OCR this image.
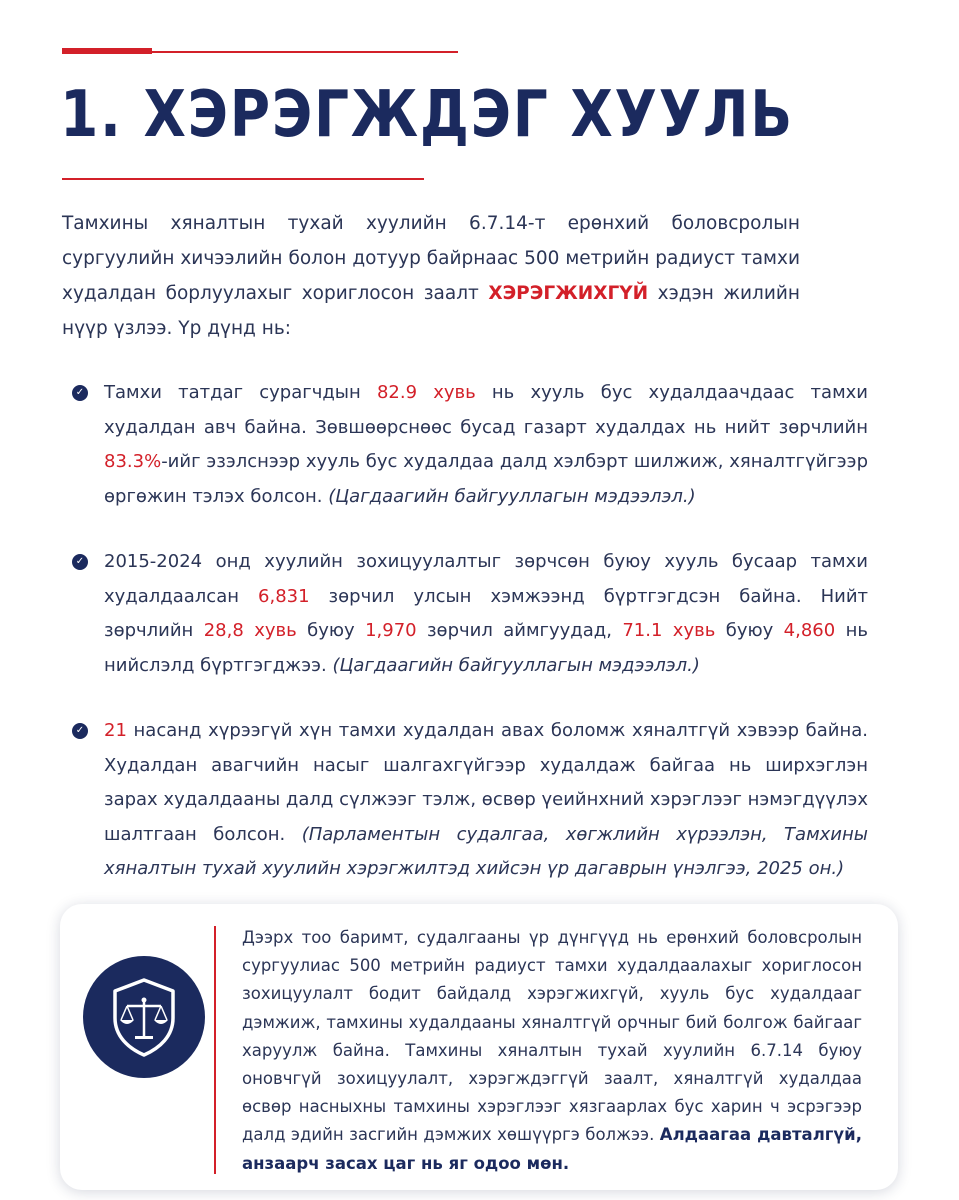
1. ХЭРЭГЖДЭГ ХУУЛЬ

Тамхины хяналтын тухай хуулийн 6.7.14-т ерөнхий боловсролын сургуулийн хичээлийн болон дотуур байрнаас 500 метрийн радиуст тамхи худалдан борлуулахыг хориглосон заалт ХЭРЭГЖИХГҮЙ хэдэн жилийн нүүр үзлээ. Үр дүнд нь:

✓ Тамхи татдаг сурагчдын 82.9 хувь нь хууль бус худалдаачдаас тамхи худалдан авч байна. Зөвшөөрснөөс бусад газарт худалдах нь нийт зөрчлийн 83.3%-ийг эзэлснээр хууль бус худалдаа далд хэлбэрт шилжиж, хяналтгүйгээр өргөжин тэлэх болсон. (Цагдаагийн байгууллагын мэдээлэл.)

✓ 2015-2024 онд хуулийн зохицуулалтыг зөрчсөн буюу хууль бусаар тамхи худалдаалсан 6,831 зөрчил улсын хэмжээнд бүртгэгдсэн байна. Нийт зөрчлийн 28,8 хувь буюу 1,970 зөрчил аймгуудад, 71.1 хувь буюу 4,860 нь нийслэлд бүртгэгджээ. (Цагдаагийн байгууллагын мэдээлэл.)

✓ 21 насанд хүрээгүй хүн тамхи худалдан авах боломж хяналтгүй хэвээр байна. Худалдан авагчийн насыг шалгахгүйгээр худалдаж байгаа нь ширхэглэн зарах худалдааны далд сүлжээг тэлж, өсвөр үеийнхний хэрэглээг нэмэгдүүлэх шалтгаан болсон. (Парламентын судалгаа, хөгжлийн хүрээлэн, Тамхины хяналтын тухай хуулийн хэрэгжилтэд хийсэн үр дагаврын үнэлгээ, 2025 он.)

Дээрх тоо баримт, судалгааны үр дүнгүүд нь ерөнхий боловсролын сургуулиас 500 метрийн радиуст тамхи худалдаалахыг хориглосон зохицуулалт бодит байдалд хэрэгжихгүй, хууль бус худалдааг дэмжиж, тамхины худалдааны хяналтгүй орчныг бий болгож байгааг харуулж байна. Тамхины хяналтын тухай хуулийн 6.7.14 буюу оновчгүй зохицуулалт, хэрэгждэггүй заалт, хяналтгүй худалдаа өсвөр насныхны тамхины хэрэглээг хязгаарлах бус харин ч эсрэгээр далд эдийн засгийн дэмжих хөшүүргэ болжээ. Алдаагаа давталгүй, анзаарч засах цаг нь яг одоо мөн.
